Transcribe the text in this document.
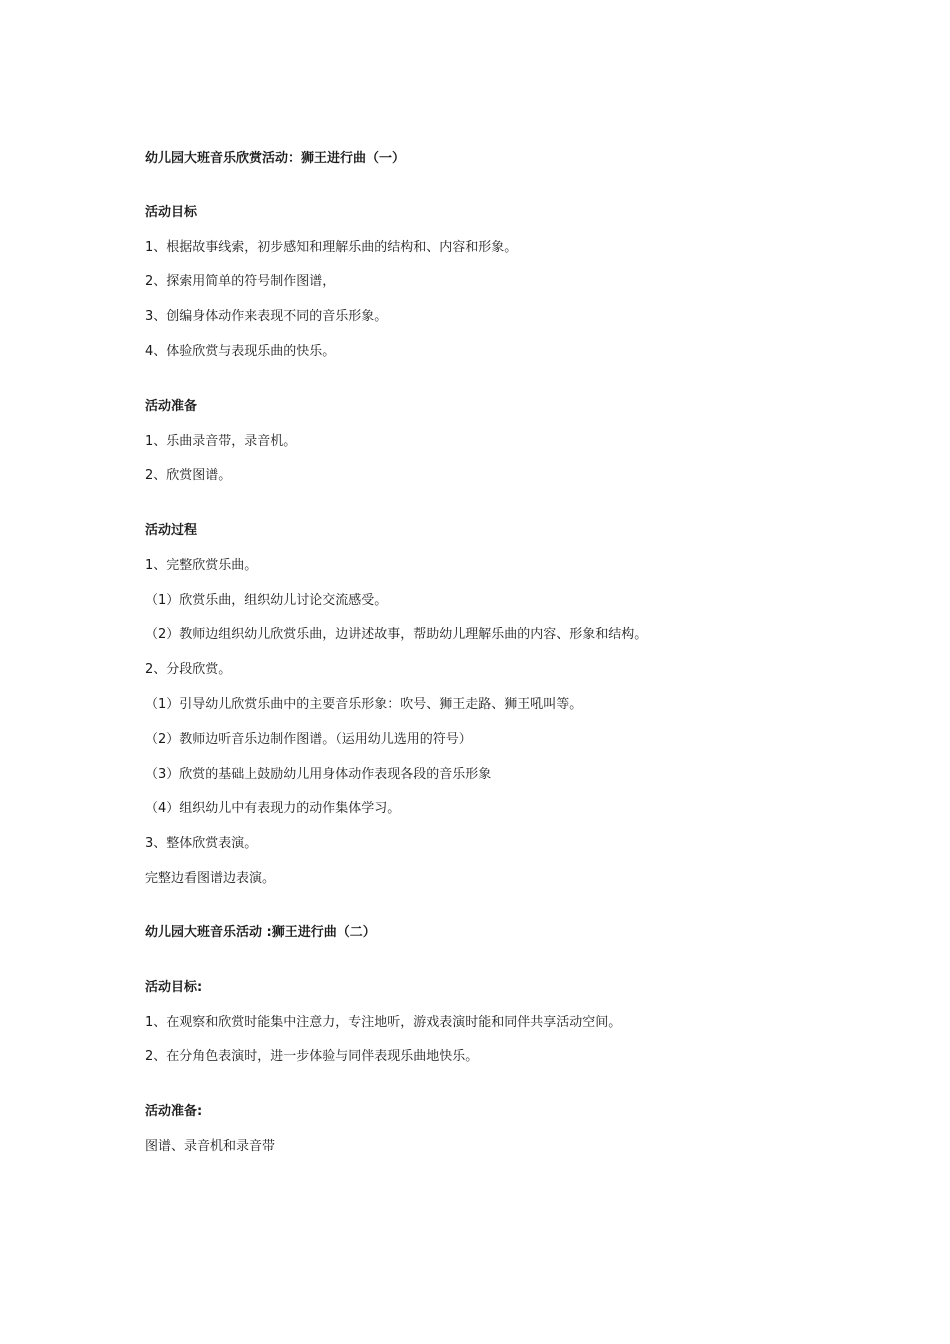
幼儿园大班音乐欣赏活动：狮王进行曲（一）
活动目标
1、根据故事线索，初步感知和理解乐曲的结构和、内容和形象。
2、探索用简单的符号制作图谱，
3、创编身体动作来表现不同的音乐形象。
4、体验欣赏与表现乐曲的快乐。
活动准备
1、乐曲录音带，录音机。
2、欣赏图谱。
活动过程
1、完整欣赏乐曲。
（1）欣赏乐曲，组织幼儿讨论交流感受。
（2）教师边组织幼儿欣赏乐曲，边讲述故事，帮助幼儿理解乐曲的内容、形象和结构。
2、分段欣赏。
（1）引导幼儿欣赏乐曲中的主要音乐形象：吹号、狮王走路、狮王吼叫等。
（2）教师边听音乐边制作图谱。（运用幼儿选用的符号）
（3）欣赏的基础上鼓励幼儿用身体动作表现各段的音乐形象
（4）组织幼儿中有表现力的动作集体学习。
3、整体欣赏表演。
完整边看图谱边表演。
幼儿园大班音乐活动 :狮王进行曲（二）
活动目标:
1、在观察和欣赏时能集中注意力，专注地听，游戏表演时能和同伴共享活动空间。
2、在分角色表演时，进一步体验与同伴表现乐曲地快乐。
活动准备:
图谱、录音机和录音带
